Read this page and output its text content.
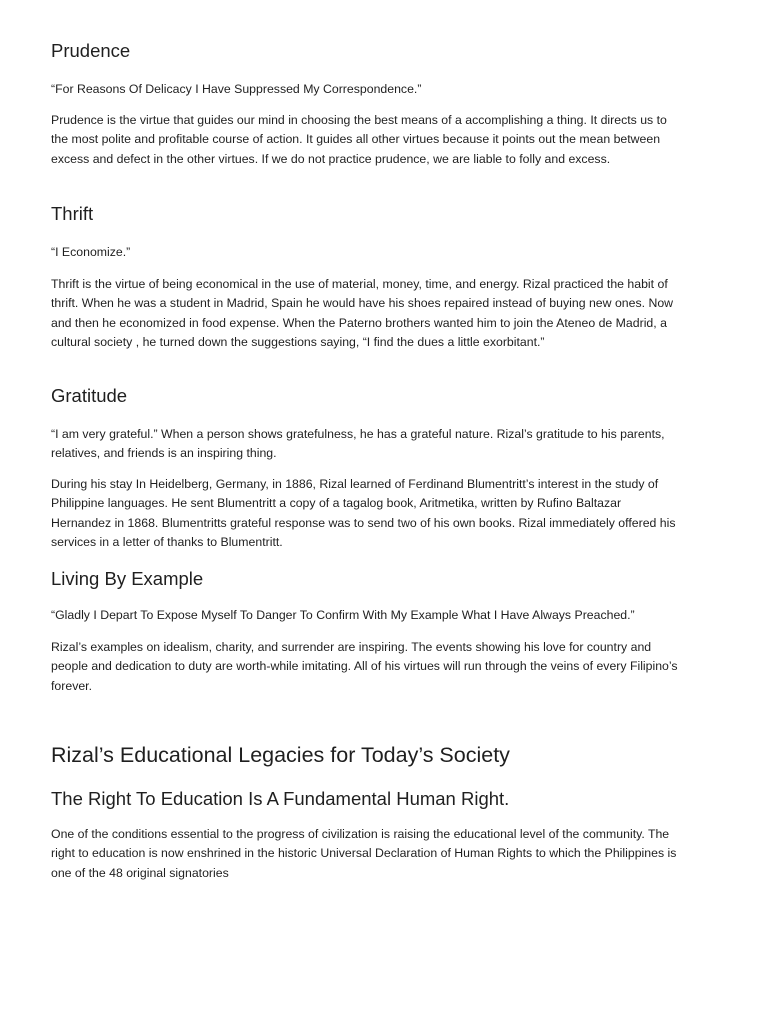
Prudence

“For Reasons Of Delicacy I Have Suppressed My Correspondence.”

Prudence is the virtue that guides our mind in choosing the best means of a accomplishing a thing. It directs us to the most polite and profitable course of action. It guides all other virtues because it points out the mean between excess and defect in the other virtues. If we do not practice prudence, we are liable to folly and excess.

Thrift

“I Economize.”

Thrift is the virtue of being economical in the use of material, money, time, and energy. Rizal practiced the habit of thrift. When he was a student in Madrid, Spain he would have his shoes repaired instead of buying new ones. Now and then he economized in food expense. When the Paterno brothers wanted him to join the Ateneo de Madrid, a cultural society , he turned down the suggestions saying, “I find the dues a little exorbitant.”

Gratitude

“I am very grateful.” When a person shows gratefulness, he has a grateful nature. Rizal’s gratitude to his parents, relatives, and friends is an inspiring thing.

During his stay In Heidelberg, Germany, in 1886, Rizal learned of Ferdinand Blumentritt’s interest in the study of Philippine languages. He sent Blumentritt a copy of a tagalog book, Aritmetika, written by Rufino Baltazar Hernandez in 1868. Blumentritts grateful response was to send two of his own books. Rizal immediately offered his services in a letter of thanks to Blumentritt.

Living By Example

“Gladly I Depart To Expose Myself To Danger To Confirm With My Example What I Have Always Preached.”

Rizal’s examples on idealism, charity, and surrender are inspiring. The events showing his love for country and people and dedication to duty are worth-while imitating. All of his virtues will run through the veins of every Filipino’s forever.

Rizal’s Educational Legacies for Today’s Society
The Right To Education Is A Fundamental Human Right.

One of the conditions essential to the progress of civilization is raising the educational level of the community. The right to education is now enshrined in the historic Universal Declaration of Human Rights to which the Philippines is one of the 48 original signatories
